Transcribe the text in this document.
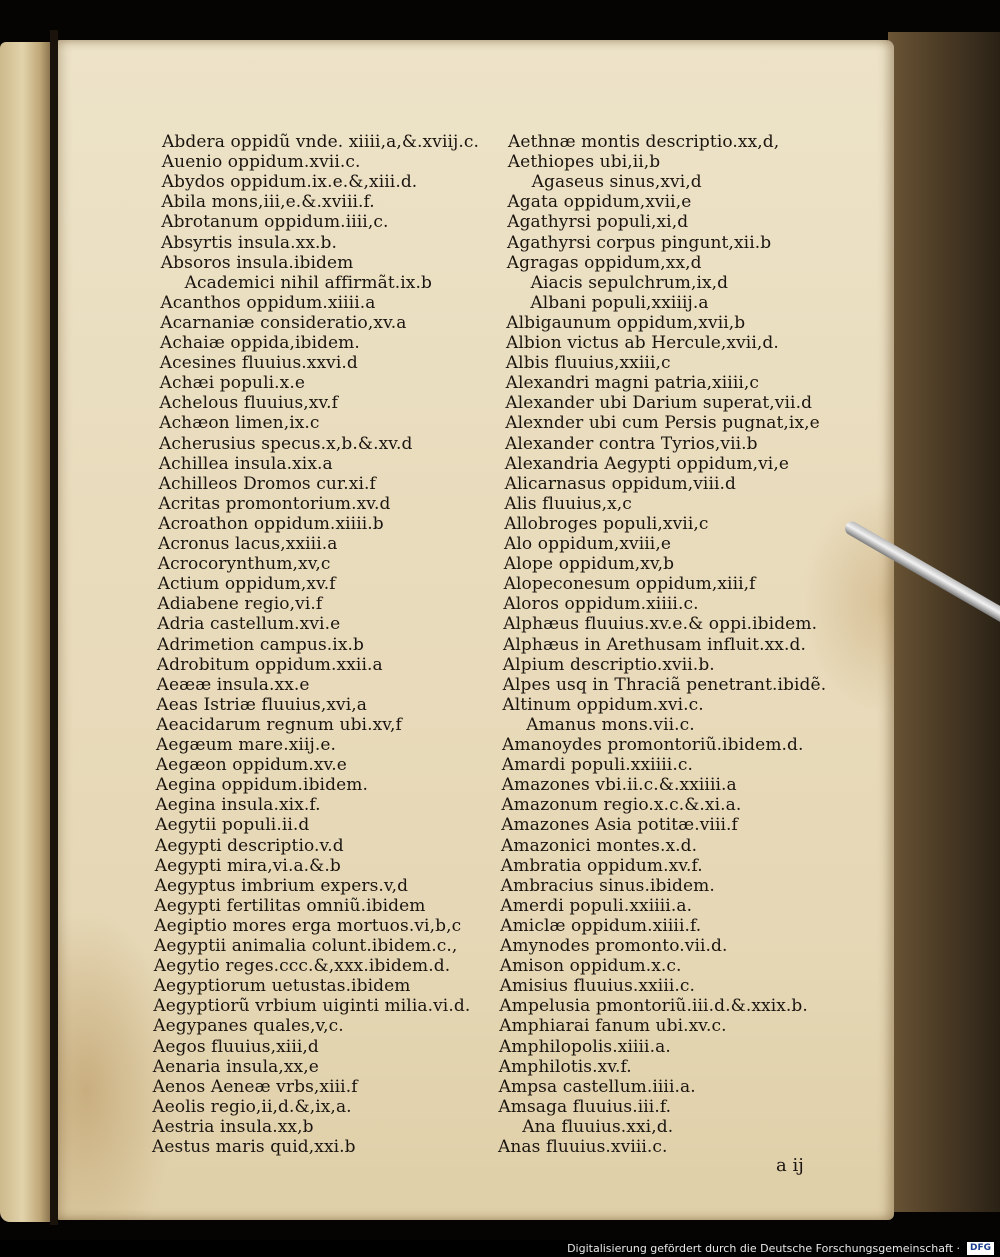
Abdera oppidũ vnde. xiiii,a,&.xviij.c.
Auenio oppidum.xvii.c.
Abydos oppidum.ix.e.&,xiii.d.
Abila mons,iii,e.&.xviii.f.
Abrotanum oppidum.iiii,c.
Absyrtis insula.xx.b.
Absoros insula.ibidem
Academici nihil affirmãt.ix.b
Acanthos oppidum.xiiii.a
Acarnaniæ consideratio,xv.a
Achaiæ oppida,ibidem.
Acesines fluuius.xxvi.d
Achæi populi.x.e
Achelous fluuius,xv.f
Achæon limen,ix.c
Acherusius specus.x,b.&.xv.d
Achillea insula.xix.a
Achilleos Dromos cur.xi.f
Acritas promontorium.xv.d
Acroathon oppidum.xiiii.b
Acronus lacus,xxiii.a
Acrocorynthum,xv,c
Actium oppidum,xv.f
Adiabene regio,vi.f
Adria castellum.xvi.e
Adrimetion campus.ix.b
Adrobitum oppidum.xxii.a
Aeææ insula.xx.e
Aeas Istriæ fluuius,xvi,a
Aeacidarum regnum ubi.xv,f
Aegæum mare.xiij.e.
Aegæon oppidum.xv.e
Aegina oppidum.ibidem.
Aegina insula.xix.f.
Aegytii populi.ii.d
Aegypti descriptio.v.d
Aegypti mira,vi.a.&.b
Aegyptus imbrium expers.v,d
Aegypti fertilitas omniũ.ibidem
Aegiptio mores erga mortuos.vi,b,c
Aegyptii animalia colunt.ibidem.c.,
Aegytio reges.ccc.&,xxx.ibidem.d.
Aegyptiorum uetustas.ibidem
Aegyptiorũ vrbium uiginti milia.vi.d.
Aegypanes quales,v,c.
Aegos fluuius,xiii,d
Aenaria insula,xx,e
Aenos Aeneæ vrbs,xiii.f
Aeolis regio,ii,d.&,ix,a.
Aestria insula.xx,b
Aestus maris quid,xxi.b
Aethnæ montis descriptio.xx,d,
Aethiopes ubi,ii,b
Agaseus sinus,xvi,d
Agata oppidum,xvii,e
Agathyrsi populi,xi,d
Agathyrsi corpus pingunt,xii.b
Agragas oppidum,xx,d
Aiacis sepulchrum,ix,d
Albani populi,xxiiij.a
Albigaunum oppidum,xvii,b
Albion victus ab Hercule,xvii,d.
Albis fluuius,xxiii,c
Alexandri magni patria,xiiii,c
Alexander ubi Darium superat,vii.d
Alexnder ubi cum Persis pugnat,ix,e
Alexander contra Tyrios,vii.b
Alexandria Aegypti oppidum,vi,e
Alicarnasus oppidum,viii.d
Alis fluuius,x,c
Allobroges populi,xvii,c
Alo oppidum,xviii,e
Alope oppidum,xv,b
Alopeconesum oppidum,xiii,f
Aloros oppidum.xiiii.c.
Alphæus fluuius.xv.e.& oppi.ibidem.
Alphæus in Arethusam influit.xx.d.
Alpium descriptio.xvii.b.
Alpes usq in Thraciã penetrant.ibidẽ.
Altinum oppidum.xvi.c.
Amanus mons.vii.c.
Amanoydes promontoriũ.ibidem.d.
Amardi populi.xxiiii.c.
Amazones vbi.ii.c.&.xxiiii.a
Amazonum regio.x.c.&.xi.a.
Amazones Asia potitæ.viii.f
Amazonici montes.x.d.
Ambratia oppidum.xv.f.
Ambracius sinus.ibidem.
Amerdi populi.xxiiii.a.
Amiclæ oppidum.xiiii.f.
Amynodes promonto.vii.d.
Amison oppidum.x.c.
Amisius fluuius.xxiii.c.
Ampelusia pmontoriũ.iii.d.&.xxix.b.
Amphiarai fanum ubi.xv.c.
Amphilopolis.xiiii.a.
Amphilotis.xv.f.
Ampsa castellum.iiii.a.
Amsaga fluuius.iii.f.
Ana fluuius.xxi,d.
Anas fluuius.xviii.c.
a ij
Digitalisierung gefördert durch die Deutsche Forschungsgemeinschaft ·	DFG
